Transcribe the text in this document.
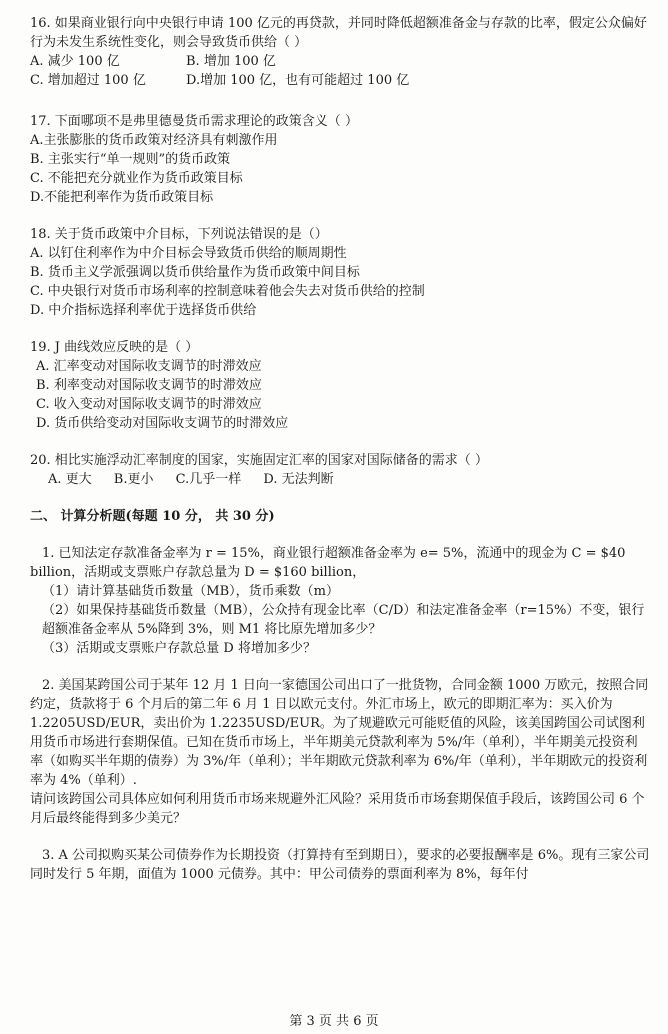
16. 如果商业银行向中央银行申请 100 亿元的再贷款，并同时降低超额准备金与存款的比率，假定公众偏好行为未发生系统性变化，则会导致货币供给（ ）
A. 减少 100 亿	B. 增加 100 亿
C. 增加超过 100 亿	D.增加 100 亿，也有可能超过 100 亿
17. 下面哪项不是弗里德曼货币需求理论的政策含义（ ）
A.主张膨胀的货币政策对经济具有刺激作用
B. 主张实行“单一规则”的货币政策
C. 不能把充分就业作为货币政策目标
D.不能把利率作为货币政策目标
18. 关于货币政策中介目标，下列说法错误的是（）
A. 以钉住利率作为中介目标会导致货币供给的顺周期性
B. 货币主义学派强调以货币供给量作为货币政策中间目标
C. 中央银行对货币市场利率的控制意味着他会失去对货币供给的控制
D. 中介指标选择利率优于选择货币供给
19. J 曲线效应反映的是（ ）
A. 汇率变动对国际收支调节的时滞效应
B. 利率变动对国际收支调节的时滞效应
C. 收入变动对国际收支调节的时滞效应
D. 货币供给变动对国际收支调节的时滞效应
20. 相比实施浮动汇率制度的国家，实施固定汇率的国家对国际储备的需求（ ）
A. 更大 B.更小 C.几乎一样 D. 无法判断
二、 计算分析题(每题 10 分， 共 30 分)
1. 已知法定存款准备金率为 r = 15%，商业银行超额准备金率为 e= 5%，流通中的现金为 C = $40 billion，活期或支票账户存款总量为 D = $160 billion，
（1）请计算基础货币数量（MB），货币乘数（m）
（2）如果保持基础货币数量（MB），公众持有现金比率（C/D）和法定准备金率（r=15%）不变，银行超额准备金率从 5%降到 3%，则 M1 将比原先增加多少？
（3）活期或支票账户存款总量 D 将增加多少？
2. 美国某跨国公司于某年 12 月 1 日向一家德国公司出口了一批货物，合同金额 1000 万欧元，按照合同约定，货款将于 6 个月后的第二年 6 月 1 日以欧元支付。外汇市场上，欧元的即期汇率为：买入价为 1.2205USD/EUR，卖出价为 1.2235USD/EUR。为了规避欧元可能贬值的风险，该美国跨国公司试图利用货币市场进行套期保值。已知在货币市场上，半年期美元贷款利率为 5%/年（单利），半年期美元投资利率（如购买半年期的债券）为 3%/年（单利）；半年期欧元贷款利率为 6%/年（单利），半年期欧元的投资利率为 4%（单利）.
请问该跨国公司具体应如何利用货币市场来规避外汇风险？采用货币市场套期保值手段后，该跨国公司 6 个月后最终能得到多少美元？
3. A 公司拟购买某公司债券作为长期投资（打算持有至到期日），要求的必要报酬率是 6%。现有三家公司同时发行 5 年期，面值为 1000 元债券。其中：甲公司债券的票面利率为 8%，每年付
第 3 页 共 6 页
